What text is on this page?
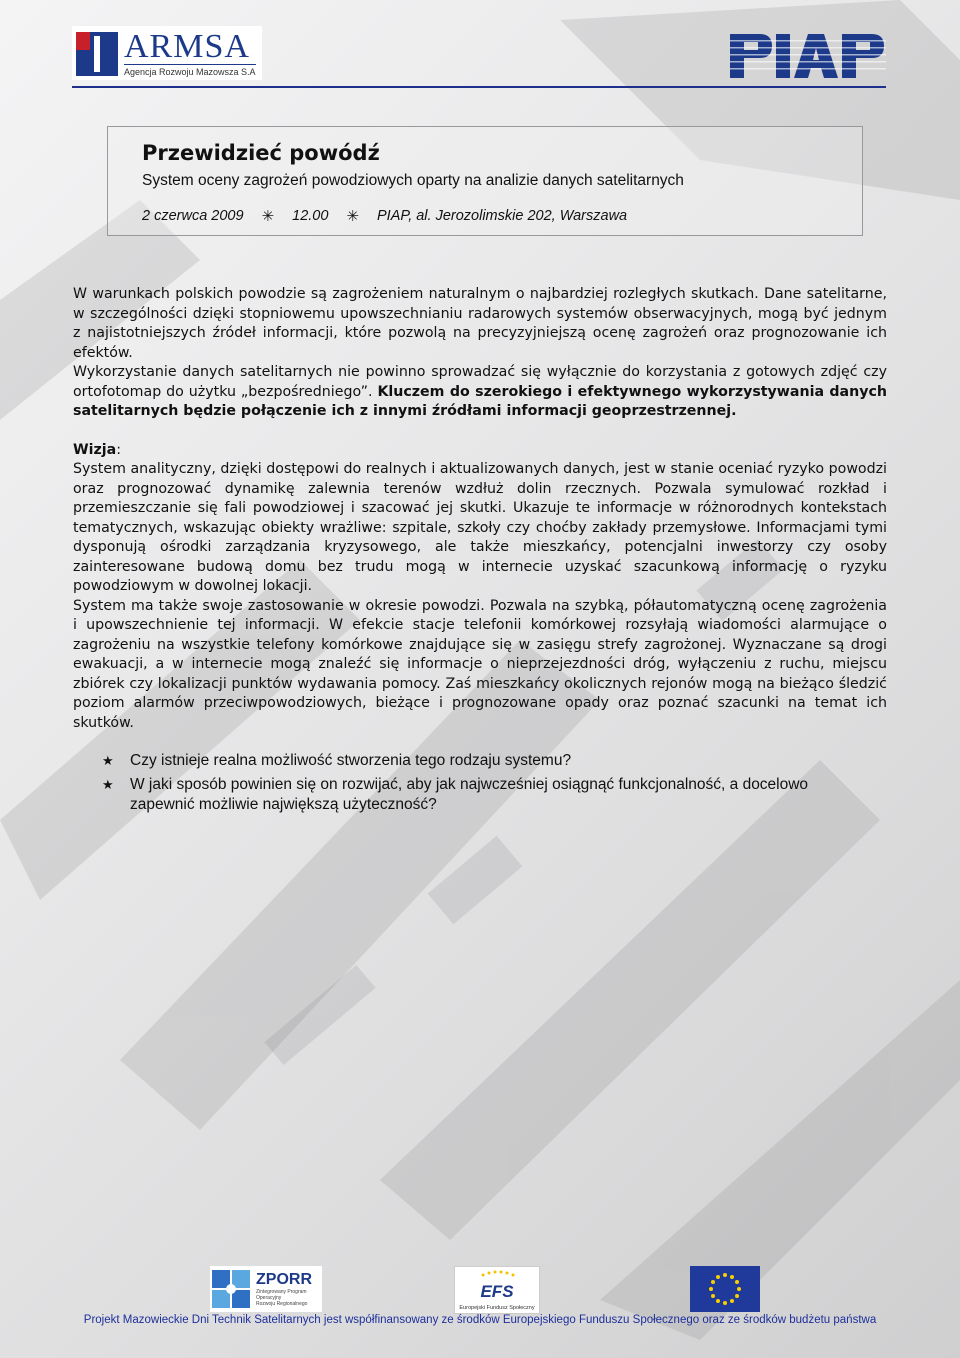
ARMSA
Agencja Rozwoju Mazowsza S.A
Przewidzieć powódź
System oceny zagrożeń powodziowych oparty na analizie danych satelitarnych
2 czerwca 2009 ✳ 12.00 ✳ PIAP, al. Jerozolimskie 202, Warszawa

W warunkach polskich powodzie są zagrożeniem naturalnym o najbardziej rozległych skutkach. Dane satelitarne, w szczególności dzięki stopniowemu upowszechnianiu radarowych systemów obserwacyjnych, mogą być jednym z najistotniejszych źródeł informacji, które pozwolą na precyzyjniejszą ocenę zagrożeń oraz prognozowanie ich efektów.

Wykorzystanie danych satelitarnych nie powinno sprowadzać się wyłącznie do korzystania z gotowych zdjęć czy ortofotomap do użytku „bezpośredniego”. Kluczem do szerokiego i efektywnego wykorzystywania danych satelitarnych będzie połączenie ich z innymi źródłami informacji geoprzestrzennej.

Wizja:

System analityczny, dzięki dostępowi do realnych i aktualizowanych danych, jest w stanie oceniać ryzyko powodzi oraz prognozować dynamikę zalewnia terenów wzdłuż dolin rzecznych. Pozwala symulować rozkład i przemieszczanie się fali powodziowej i szacować jej skutki. Ukazuje te informacje w różnorodnych kontekstach tematycznych, wskazując obiekty wrażliwe: szpitale, szkoły czy choćby zakłady przemysłowe. Informacjami tymi dysponują ośrodki zarządzania kryzysowego, ale także mieszkańcy, potencjalni inwestorzy czy osoby zainteresowane budową domu bez trudu mogą w internecie uzyskać szacunkową informację o ryzyku powodziowym w dowolnej lokacji.

System ma także swoje zastosowanie w okresie powodzi. Pozwala na szybką, półautomatyczną ocenę zagrożenia i upowszechnienie tej informacji. W efekcie stacje telefonii komórkowej rozsyłają wiadomości alarmujące o zagrożeniu na wszystkie telefony komórkowe znajdujące się w zasięgu strefy zagrożonej. Wyznaczane są drogi ewakuacji, a w internecie mogą znaleźć się informacje o nieprzejezdności dróg, wyłączeniu z ruchu, miejscu zbiórek czy lokalizacji punktów wydawania pomocy. Zaś mieszkańcy okolicznych rejonów mogą na bieżąco śledzić poziom alarmów przeciwpowodziowych, bieżące i prognozowane opady oraz poznać szacunki na temat ich skutków.

★ Czy istnieje realna możliwość stworzenia tego rodzaju systemu?
★ W jaki sposób powinien się on rozwijać, aby jak najwcześniej osiągnąć funkcjonalność, a docelowo zapewnić możliwie największą użyteczność?
ZPORR
Zintegrowany Program
Operacyjny
Rozwoju Regionalnego
EFS
Europejski Fundusz Społeczny
Projekt Mazowieckie Dni Technik Satelitarnych jest współfinansowany ze środków Europejskiego Funduszu Społecznego oraz ze środków budżetu państwa
